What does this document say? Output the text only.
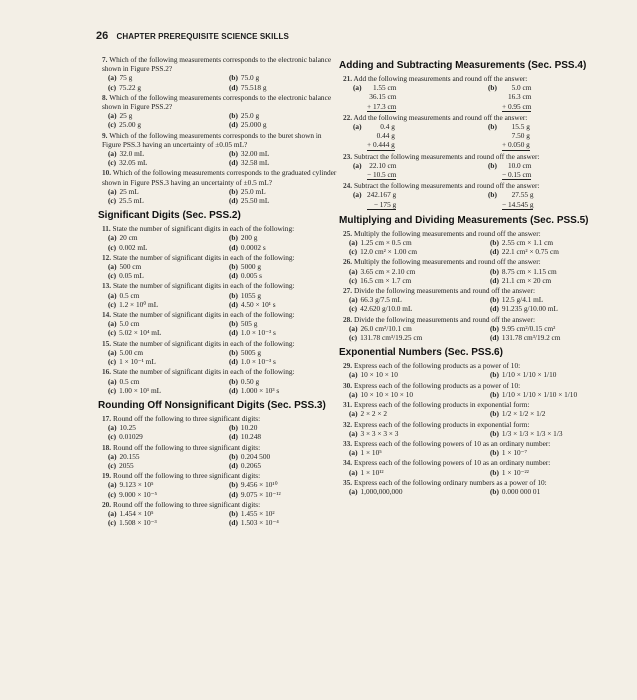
26 CHAPTER PREREQUISITE SCIENCE SKILLS
7. Which of the following measurements corresponds to the electronic balance shown in Figure PSS.2?
(a) 75 g	(b) 75.0 g
(c) 75.22 g	(d) 75.518 g
8. Which of the following measurements corresponds to the electronic balance shown in Figure PSS.2?
(a) 25 g	(b) 25.0 g
(c) 25.00 g	(d) 25.000 g
9. Which of the following measurements corresponds to the buret shown in Figure PSS.3 having an uncertainty of ±0.05 mL?
(a) 32.0 mL	(b) 32.00 mL
(c) 32.05 mL	(d) 32.58 mL
10. Which of the following measurements corresponds to the graduated cylinder shown in Figure PSS.3 having an uncertainty of ±0.5 mL?
(a) 25 mL	(b) 25.0 mL
(c) 25.5 mL	(d) 25.50 mL
Significant Digits (Sec. PSS.2)
11. State the number of significant digits in each of the following:
(a) 20 cm	(b) 200 g
(c) 0.002 mL	(d) 0.0002 s
12. State the number of significant digits in each of the following:
(a) 500 cm	(b) 5000 g
(c) 0.05 mL	(d) 0.005 s
13. State the number of significant digits in each of the following:
(a) 0.5 cm	(b) 1055 g
(c) 1.2 × 10⁰ mL	(d) 4.50 × 10¹ s
14. State the number of significant digits in each of the following:
(a) 5.0 cm	(b) 505 g
(c) 5.02 × 10⁴ mL	(d) 1.0 × 10⁻³ s
15. State the number of significant digits in each of the following:
(a) 5.00 cm	(b) 5005 g
(c) 1 × 10⁻¹ mL	(d) 1.0 × 10⁻³ s
16. State the number of significant digits in each of the following:
(a) 0.5 cm	(b) 0.50 g
(c) 1.00 × 10¹ mL	(d) 1.000 × 10³ s
Rounding Off Nonsignificant Digits (Sec. PSS.3)
17. Round off the following to three significant digits:
(a) 10.25	(b) 10.20
(c) 0.01029	(d) 10.248
18. Round off the following to three significant digits:
(a) 20.155	(b) 0.204 500
(c) 2055	(d) 0.2065
19. Round off the following to three significant digits:
(a) 9.123 × 10⁵	(b) 9.456 × 10¹⁰
(c) 9.000 × 10⁻⁵	(d) 9.075 × 10⁻¹²
20. Round off the following to three significant digits:
(a) 1.454 × 10⁵	(b) 1.455 × 10²
(c) 1.508 × 10⁻³	(d) 1.503 × 10⁻⁴
Adding and Subtracting Measurements (Sec. PSS.4)
21. Add the following measurements and round off the answer:
(a)	1.55 cm
36.15 cm
+ 17.3 cm
(b)	5.0 cm
16.3 cm
+ 0.95 cm
22. Add the following measurements and round off the answer:
(a)	0.4 g
0.44 g
+ 0.444 g
(b)	15.5 g
7.50 g
+ 0.050 g
23. Subtract the following measurements and round off the answer:
(a)	22.10 cm
− 10.5 cm
(b)	10.0 cm
− 0.15 cm
24. Subtract the following measurements and round off the answer:
(a) 242.167 g
− 175 g
(b)	27.55 g
− 14.545 g
Multiplying and Dividing Measurements (Sec. PSS.5)
25. Multiply the following measurements and round off the answer:
(a) 1.25 cm × 0.5 cm	(b) 2.55 cm × 1.1 cm
(c) 12.0 cm² × 1.00 cm	(d) 22.1 cm² × 0.75 cm
26. Multiply the following measurements and round off the answer:
(a) 3.65 cm × 2.10 cm	(b) 8.75 cm × 1.15 cm
(c) 16.5 cm × 1.7 cm	(d) 21.1 cm × 20 cm
27. Divide the following measurements and round off the answer:
(a) 66.3 g/7.5 mL	(b) 12.5 g/4.1 mL
(c) 42.620 g/10.0 mL	(d) 91.235 g/10.00 mL
28. Divide the following measurements and round off the answer:
(a) 26.0 cm²/10.1 cm	(b) 9.95 cm²/0.15 cm²
(c) 131.78 cm³/19.25 cm	(d) 131.78 cm³/19.2 cm
Exponential Numbers (Sec. PSS.6)
29. Express each of the following products as a power of 10:
(a) 10 × 10 × 10	(b) 1/10 × 1/10 × 1/10
30. Express each of the following products as a power of 10:
(a) 10 × 10 × 10 × 10	(b) 1/10 × 1/10 × 1/10 × 1/10
31. Express each of the following products in exponential form:
(a) 2 × 2 × 2	(b) 1/2 × 1/2 × 1/2
32. Express each of the following products in exponential form:
(a) 3 × 3 × 3 × 3	(b) 1/3 × 1/3 × 1/3 × 1/3
33. Express each of the following powers of 10 as an ordinary number:
(a) 1 × 10⁵	(b) 1 × 10⁻⁷
34. Express each of the following powers of 10 as an ordinary number:
(a) 1 × 10¹²	(b) 1 × 10⁻²²
35. Express each of the following ordinary numbers as a power of 10:
(a) 1,000,000,000	(b) 0.000 000 01
